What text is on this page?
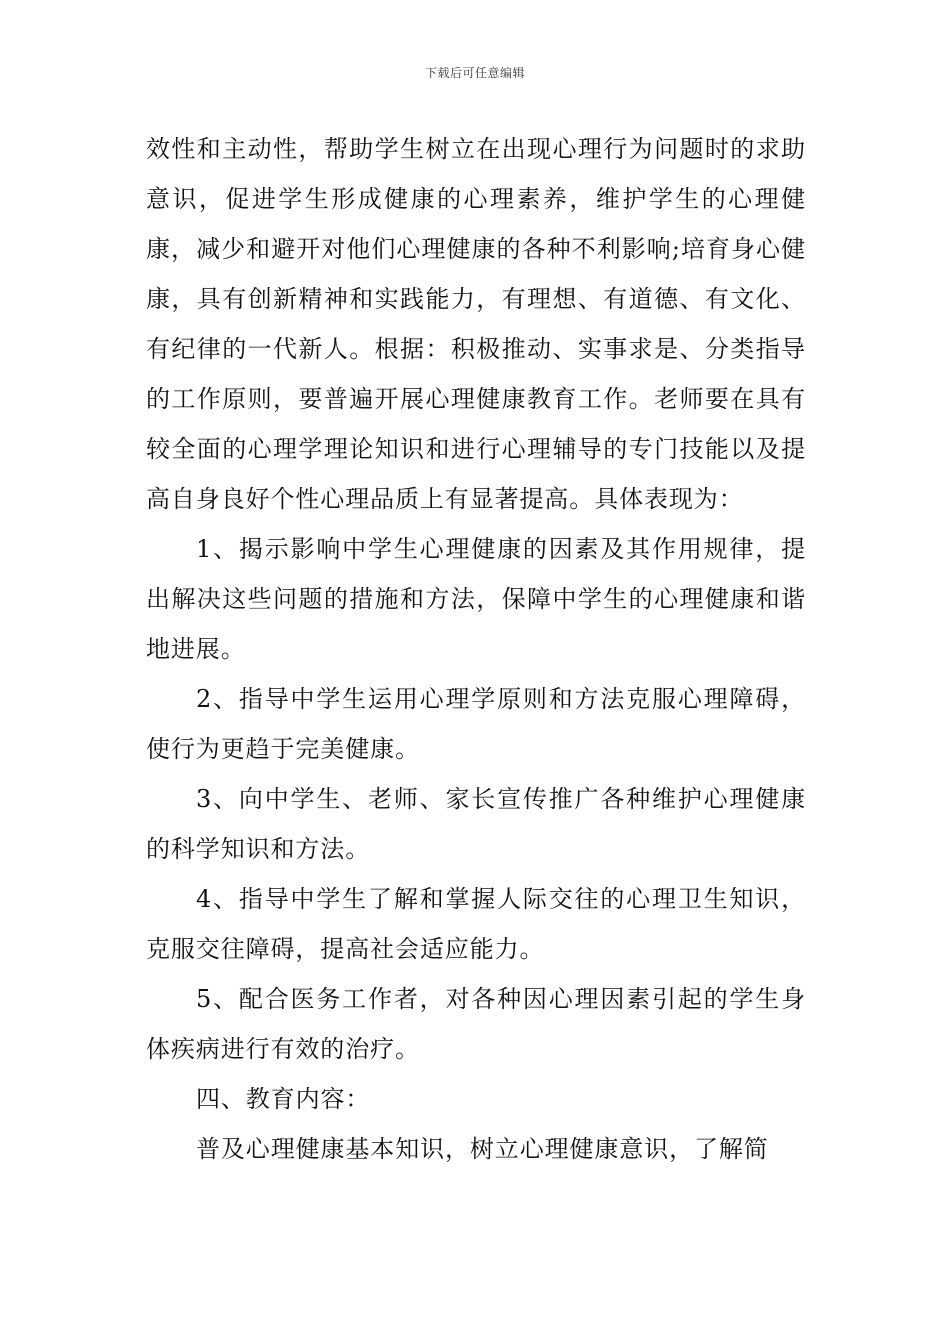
下载后可任意编辑

效性和主动性，帮助学生树立在出现心理行为问题时的求助意识，促进学生形成健康的心理素养，维护学生的心理健康，减少和避开对他们心理健康的各种不利影响;培育身心健康，具有创新精神和实践能力，有理想、有道德、有文化、有纪律的一代新人。根据：积极推动、实事求是、分类指导的工作原则，要普遍开展心理健康教育工作。老师要在具有较全面的心理学理论知识和进行心理辅导的专门技能以及提高自身良好个性心理品质上有显著提高。具体表现为：

1、揭示影响中学生心理健康的因素及其作用规律，提出解决这些问题的措施和方法，保障中学生的心理健康和谐地进展。

2、指导中学生运用心理学原则和方法克服心理障碍，使行为更趋于完美健康。

3、向中学生、老师、家长宣传推广各种维护心理健康的科学知识和方法。

4、指导中学生了解和掌握人际交往的心理卫生知识，克服交往障碍，提高社会适应能力。

5、配合医务工作者，对各种因心理因素引起的学生身体疾病进行有效的治疗。

四、教育内容：

普及心理健康基本知识，树立心理健康意识，了解简
